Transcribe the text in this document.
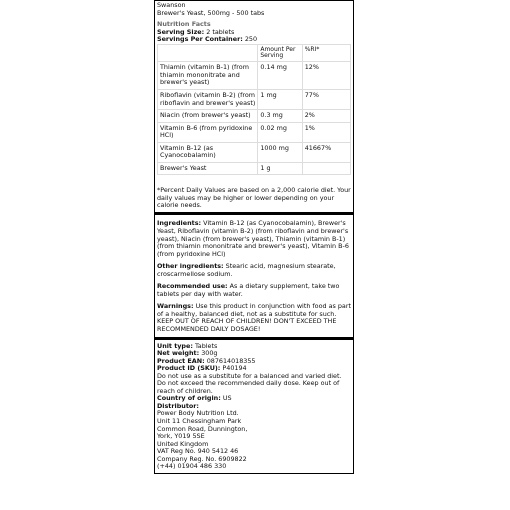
Swanson
Brewer's Yeast, 500mg - 500 tabs
Nutrition Facts
Serving Size: 2 tablets
Servings Per Container: 250
	Amount Per Serving	%RI*
Thiamin (vitamin B-1) (from thiamin mononitrate and brewer's yeast)	0.14 mg	12%
Riboflavin (vitamin B-2) (from riboflavin and brewer's yeast)	1 mg	77%
Niacin (from brewer's yeast)	0.3 mg	2%
Vitamin B-6 (from pyridoxine HCl)	0.02 mg	1%
Vitamin B-12 (as Cyanocobalamin)	1000 mg	41667%
Brewer's Yeast	1 g	
*Percent Daily Values are based on a 2,000 calorie diet. Your daily values may be higher or lower depending on your calorie needs.
Ingredients: Vitamin B-12 (as Cyanocobalamin), Brewer's Yeast, Riboflavin (vitamin B-2) (from riboflavin and brewer's yeast), Niacin (from brewer's yeast), Thiamin (vitamin B-1) (from thiamin mononitrate and brewer's yeast), Vitamin B-6 (from pyridoxine HCl)
Other ingredients: Stearic acid, magnesium stearate, croscarmellose sodium.
Recommended use: As a dietary supplement, take two tablets per day with water.
Warnings: Use this product in conjunction with food as part of a healthy, balanced diet, not as a substitute for such. KEEP OUT OF REACH OF CHILDREN! DON'T EXCEED THE RECOMMENDED DAILY DOSAGE!
Unit type: Tablets
Net weight: 300g
Product EAN: 087614018355
Product ID (SKU): P40194
Do not use as a substitute for a balanced and varied diet. Do not exceed the recommended daily dose. Keep out of reach of children.
Country of origin: US
Distributor:
Power Body Nutrition Ltd.
Unit 11 Chessingham Park
Common Road, Dunnington,
York, Y019 5SE
United Kingdom
VAT Reg No. 940 5412 46
Company Reg. No. 6909822
(+44) 01904 486 330
